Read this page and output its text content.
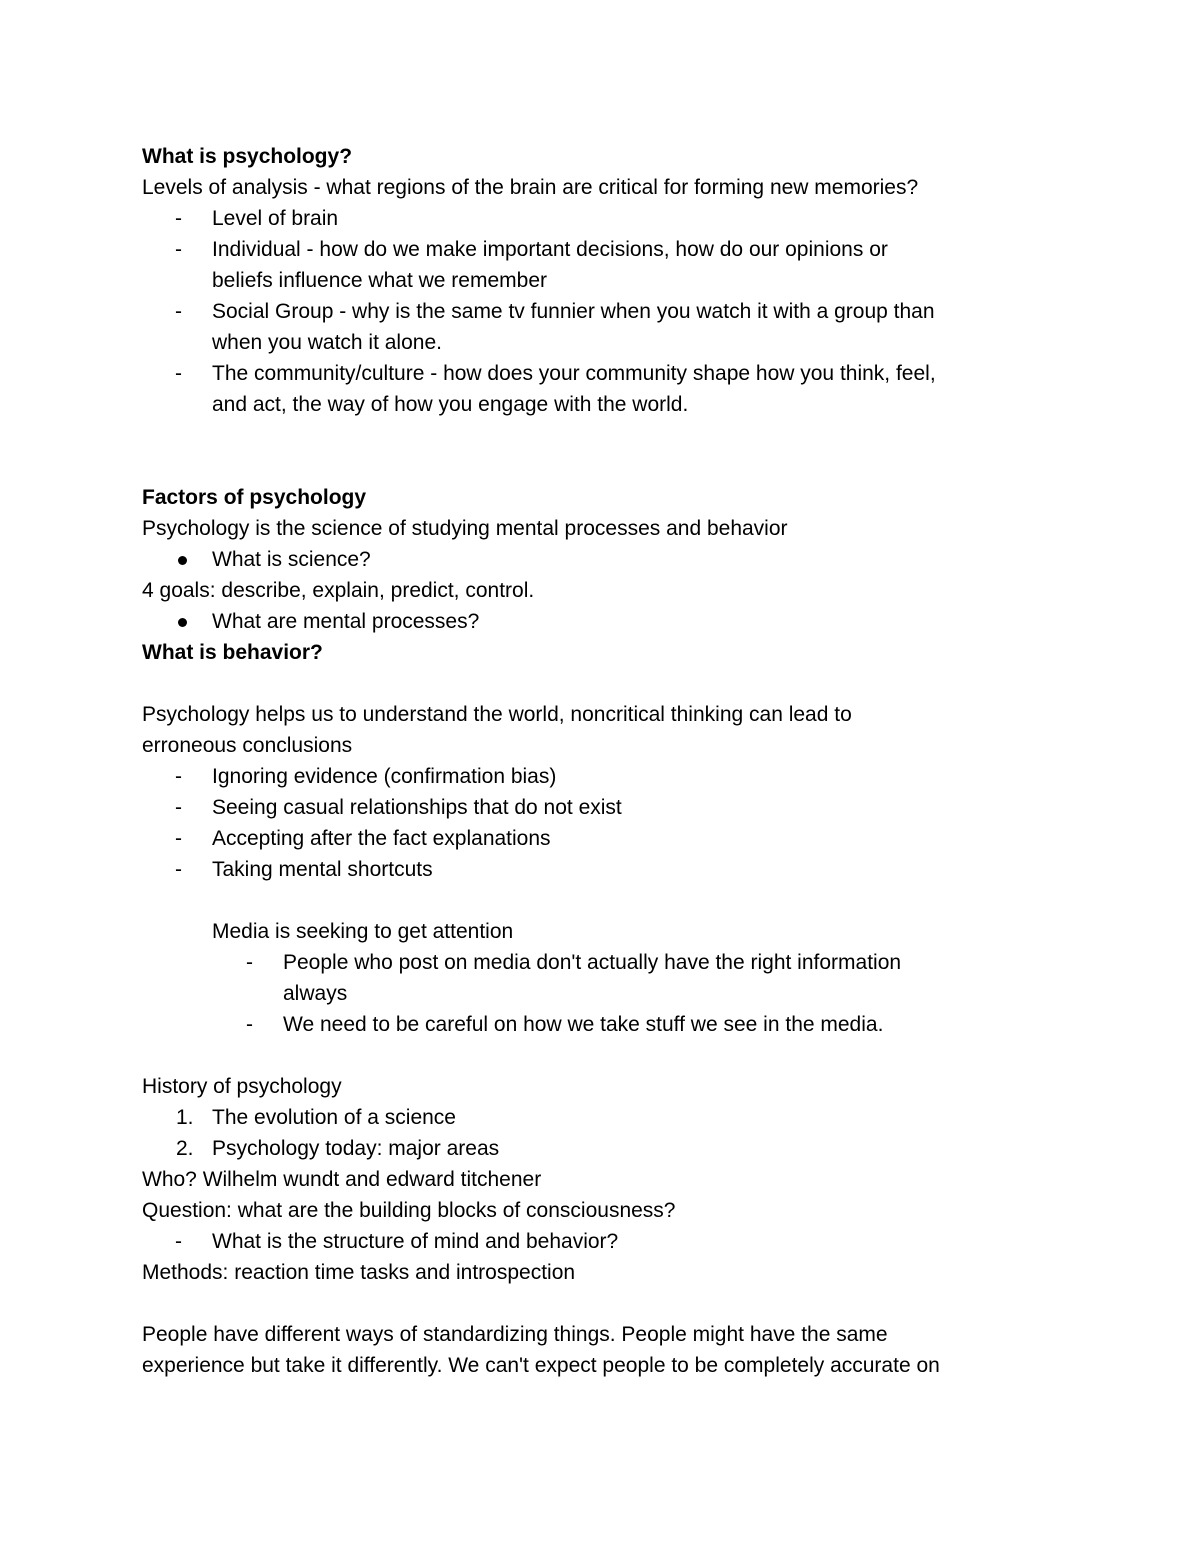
What is psychology?
Levels of analysis - what regions of the brain are critical for forming new memories?
- Level of brain
- Individual - how do we make important decisions, how do our opinions or
beliefs influence what we remember
- Social Group - why is the same tv funnier when you watch it with a group than
when you watch it alone.
- The community/culture - how does your community shape how you think, feel,
and act, the way of how you engage with the world.
Factors of psychology
Psychology is the science of studying mental processes and behavior
What is science?
4 goals: describe, explain, predict, control.
What are mental processes?
What is behavior?
Psychology helps us to understand the world, noncritical thinking can lead to
erroneous conclusions
- Ignoring evidence (confirmation bias)
- Seeing casual relationships that do not exist
- Accepting after the fact explanations
- Taking mental shortcuts
Media is seeking to get attention
- People who post on media don't actually have the right information
always
- We need to be careful on how we take stuff we see in the media.
History of psychology
1. The evolution of a science
2. Psychology today: major areas
Who? Wilhelm wundt and edward titchener
Question: what are the building blocks of consciousness?
- What is the structure of mind and behavior?
Methods: reaction time tasks and introspection
People have different ways of standardizing things. People might have the same
experience but take it differently. We can't expect people to be completely accurate on
